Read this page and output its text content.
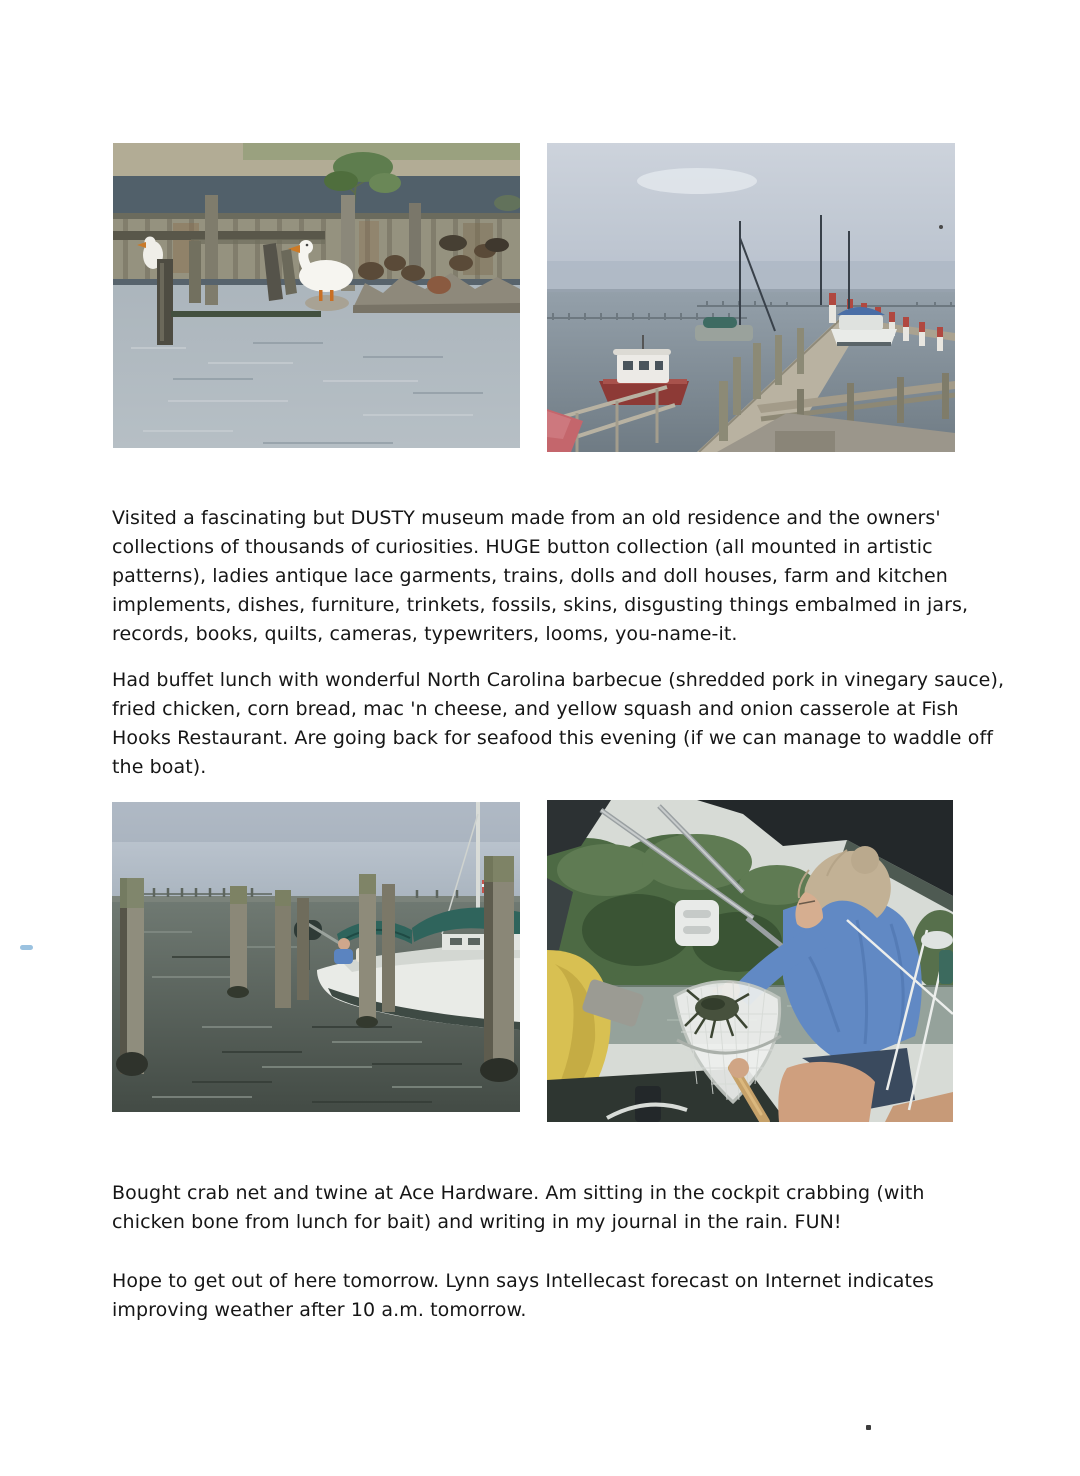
Visited a fascinating but DUSTY museum made from an old residence and the owners'
collections of thousands of curiosities. HUGE button collection (all mounted in artistic
patterns), ladies antique lace garments, trains, dolls and doll houses, farm and kitchen
implements, dishes, furniture, trinkets, fossils, skins, disgusting things embalmed in jars,
records, books, quilts, cameras, typewriters, looms, you-name-it.
Had buffet lunch with wonderful North Carolina barbecue (shredded pork in vinegary sauce),
fried chicken, corn bread, mac 'n cheese, and yellow squash and onion casserole at Fish
Hooks Restaurant. Are going back for seafood this evening (if we can manage to waddle off
the boat).
Bought crab net and twine at Ace Hardware. Am sitting in the cockpit crabbing (with
chicken bone from lunch for bait) and writing in my journal in the rain. FUN!
Hope to get out of here tomorrow. Lynn says Intellecast forecast on Internet indicates
improving weather after 10 a.m. tomorrow.
